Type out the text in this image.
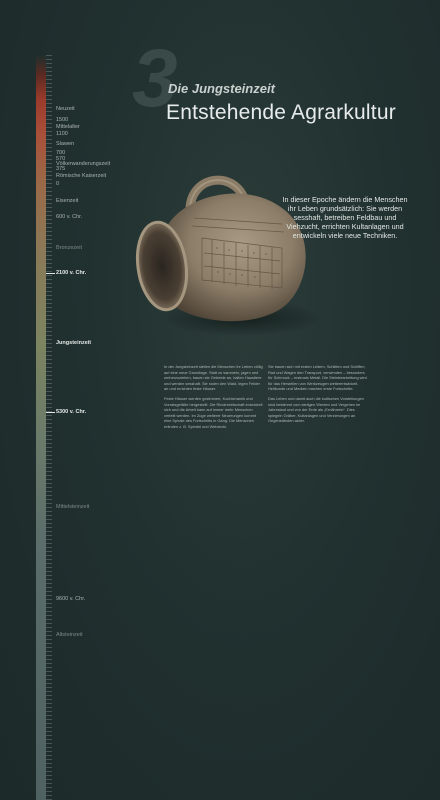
Neuzeit
1500
Mittelalter
1100
Slawen
700
570
Völkerwanderungszeit
375
Römische Kaiserzeit
0
Eisenzeit
600 v. Chr.
Bronzezeit
2100 v. Chr.
Jungsteinzeit
5300 v. Chr.
Mittelsteinzeit
9600 v. Chr.
Altsteinzeit
3
Die Jungsteinzeit
Entstehende Agrarkultur
In dieser Epoche ändern die Menschen ihr Leben grundsätzlich: Sie werden sesshaft, betreiben Feldbau und Viehzucht, errichten Kultanlagen und entwickeln viele neue Techniken.

In der Jungsteinzeit stellen die Menschen ihr Leben völlig auf eine neue Grundlage. Statt zu sammeln, jagen und umherzuziehen, bauen sie Getreide an, halten Haustiere und werden sesshaft. Sie roden den Wald, legen Felder an und errichten feste Häuser.

Feste Häuser werden gezimmert, Kochkeramik und Vorratsgefäße hergestellt. Die Rinderwirtschaft entwickelt sich und die Arbeit kann auf immer mehr Menschen verteilt werden. Im Zuge weiterer Neuerungen kommt eine Spirale des Fortschritts in Gang: Die Menschen erfinden z. B. Spindel und Webstuhl.

Sie bauen sich mit ersten Leitern, Schlitten und Schiffen, Rad und Wagen den Transport, verwenden – besonders für Schmuck – erstmals Metall. Die Steinbearbeitung wird für das Herstellen von Werkzeugen weiterentwickelt. Heilkunde und Medizin machen erste Fortschritte.

Das Leben und damit auch die kultischen Vorstellungen sind bestimmt vom stetigen Werden und Vergehen im Jahreslauf und von der Erde als „Ernährerin“. Dies spiegeln Gräber, Kultanlagen und Verzierungen an Gegenständen wider.
